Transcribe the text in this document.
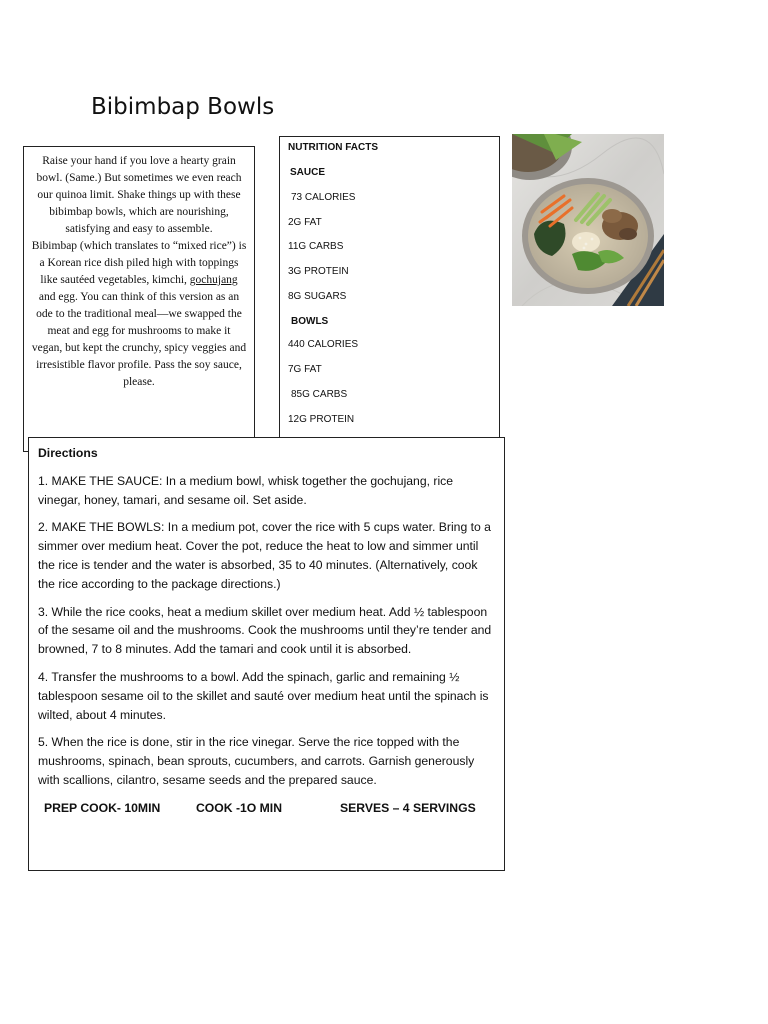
Bibimbap Bowls

Raise your hand if you love a hearty grain bowl. (Same.) But sometimes we even reach our quinoa limit. Shake things up with these bibimbap bowls, which are nourishing, satisfying and easy to assemble.

Bibimbap (which translates to “mixed rice”) is a Korean rice dish piled high with toppings like sautéed vegetables, kimchi, gochujang and egg. You can think of this version as an ode to the traditional meal—we swapped the meat and egg for mushrooms to make it vegan, but kept the crunchy, spicy veggies and irresistible flavor profile. Pass the soy sauce, please.

NUTRITION FACTS
SAUCE
73 CALORIES
2G FAT
11G CARBS
3G PROTEIN
8G SUGARS
BOWLS
440 CALORIES
7G FAT
85G CARBS
12G PROTEIN
Directions

1. MAKE THE SAUCE: In a medium bowl, whisk together the gochujang, rice vinegar, honey, tamari, and sesame oil. Set aside.

2. MAKE THE BOWLS: In a medium pot, cover the rice with 5 cups water. Bring to a simmer over medium heat. Cover the pot, reduce the heat to low and simmer until the rice is tender and the water is absorbed, 35 to 40 minutes. (Alternatively, cook the rice according to the package directions.)

3. While the rice cooks, heat a medium skillet over medium heat. Add ½ tablespoon of the sesame oil and the mushrooms. Cook the mushrooms until they’re tender and browned, 7 to 8 minutes. Add the tamari and cook until it is absorbed.

4. Transfer the mushrooms to a bowl. Add the spinach, garlic and remaining ½ tablespoon sesame oil to the skillet and sauté over medium heat until the spinach is wilted, about 4 minutes.

5. When the rice is done, stir in the rice vinegar. Serve the rice topped with the mushrooms, spinach, bean sprouts, cucumbers, and carrots. Garnish generously with scallions, cilantro, sesame seeds and the prepared sauce.

PREP COOK- 10MIN	COOK -1O MIN	SERVES – 4 SERVINGS
